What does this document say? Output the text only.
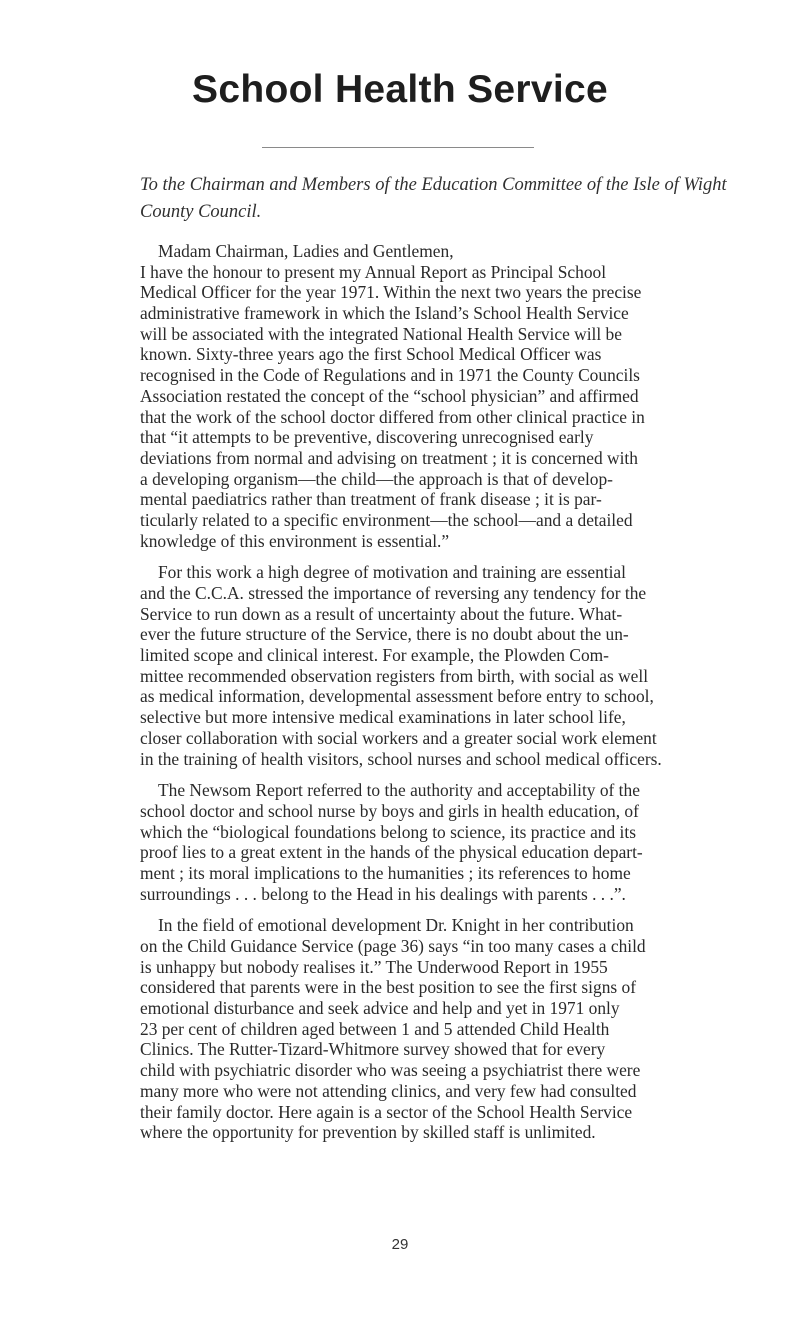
School Health Service
To the Chairman and Members of the Education Committee of the Isle of Wight
County Council.
Madam Chairman, Ladies and Gentlemen,
I have the honour to present my Annual Report as Principal School
Medical Officer for the year 1971. Within the next two years the precise
administrative framework in which the Island’s School Health Service
will be associated with the integrated National Health Service will be
known. Sixty-three years ago the first School Medical Officer was
recognised in the Code of Regulations and in 1971 the County Councils
Association restated the concept of the “school physician” and affirmed
that the work of the school doctor differed from other clinical practice in
that “it attempts to be preventive, discovering unrecognised early
deviations from normal and advising on treatment ; it is concerned with
a developing organism—the child—the approach is that of develop-
mental paediatrics rather than treatment of frank disease ; it is par-
ticularly related to a specific environment—the school—and a detailed
knowledge of this environment is essential.”
For this work a high degree of motivation and training are essential
and the C.C.A. stressed the importance of reversing any tendency for the
Service to run down as a result of uncertainty about the future. What-
ever the future structure of the Service, there is no doubt about the un-
limited scope and clinical interest. For example, the Plowden Com-
mittee recommended observation registers from birth, with social as well
as medical information, developmental assessment before entry to school,
selective but more intensive medical examinations in later school life,
closer collaboration with social workers and a greater social work element
in the training of health visitors, school nurses and school medical officers.
The Newsom Report referred to the authority and acceptability of the
school doctor and school nurse by boys and girls in health education, of
which the “biological foundations belong to science, its practice and its
proof lies to a great extent in the hands of the physical education depart-
ment ; its moral implications to the humanities ; its references to home
surroundings . . . belong to the Head in his dealings with parents . . .”.
In the field of emotional development Dr. Knight in her contribution
on the Child Guidance Service (page 36) says “in too many cases a child
is unhappy but nobody realises it.” The Underwood Report in 1955
considered that parents were in the best position to see the first signs of
emotional disturbance and seek advice and help and yet in 1971 only
23 per cent of children aged between 1 and 5 attended Child Health
Clinics. The Rutter-Tizard-Whitmore survey showed that for every
child with psychiatric disorder who was seeing a psychiatrist there were
many more who were not attending clinics, and very few had consulted
their family doctor. Here again is a sector of the School Health Service
where the opportunity for prevention by skilled staff is unlimited.
29
